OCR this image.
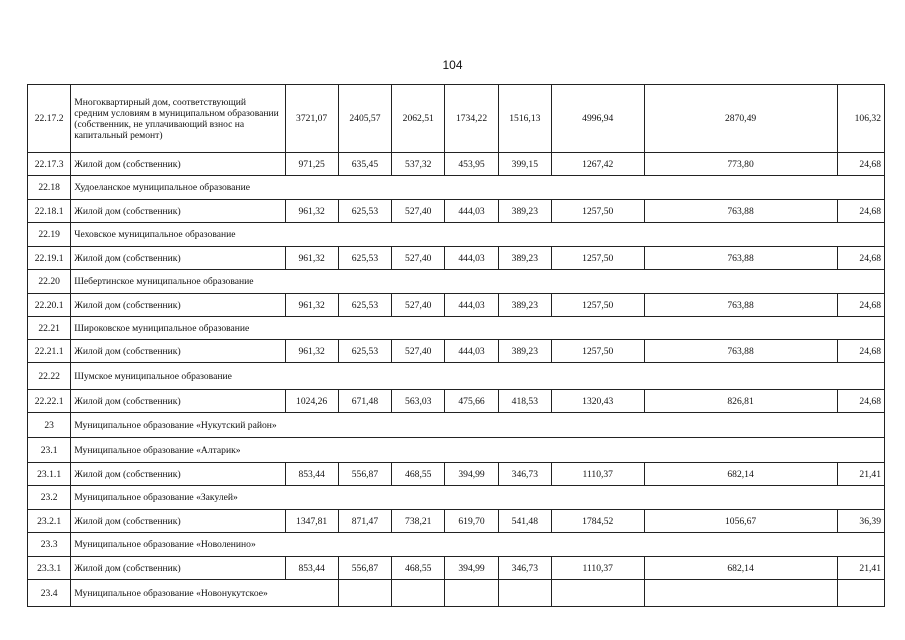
104
22.17.2	Многоквартирный дом, соответствующий средним условиям в муниципальном образовании (собственник, не уплачивающий взнос на капитальный ремонт)	3721,07	2405,57	2062,51	1734,22	1516,13	4996,94	2870,49	106,32
22.17.3	Жилой дом (собственник)	971,25	635,45	537,32	453,95	399,15	1267,42	773,80	24,68
22.18	Худоеланское муниципальное образование								
22.18.1	Жилой дом (собственник)	961,32	625,53	527,40	444,03	389,23	1257,50	763,88	24,68
22.19	Чеховское муниципальное образование								
22.19.1	Жилой дом (собственник)	961,32	625,53	527,40	444,03	389,23	1257,50	763,88	24,68
22.20	Шебертинское муниципальное образование								
22.20.1	Жилой дом (собственник)	961,32	625,53	527,40	444,03	389,23	1257,50	763,88	24,68
22.21	Широковское муниципальное образование								
22.21.1	Жилой дом (собственник)	961,32	625,53	527,40	444,03	389,23	1257,50	763,88	24,68
22.22	Шумское муниципальное образование								
22.22.1	Жилой дом (собственник)	1024,26	671,48	563,03	475,66	418,53	1320,43	826,81	24,68
23	Муниципальное образование «Нукутский район»								
23.1	Муниципальное образование «Алтарик»								
23.1.1	Жилой дом (собственник)	853,44	556,87	468,55	394,99	346,73	1110,37	682,14	21,41
23.2	Муниципальное образование «Закулей»								
23.2.1	Жилой дом (собственник)	1347,81	871,47	738,21	619,70	541,48	1784,52	1056,67	36,39
23.3	Муниципальное образование «Новоленино»								
23.3.1	Жилой дом (собственник)	853,44	556,87	468,55	394,99	346,73	1110,37	682,14	21,41
23.4	Муниципальное образование «Новонукутское»								
